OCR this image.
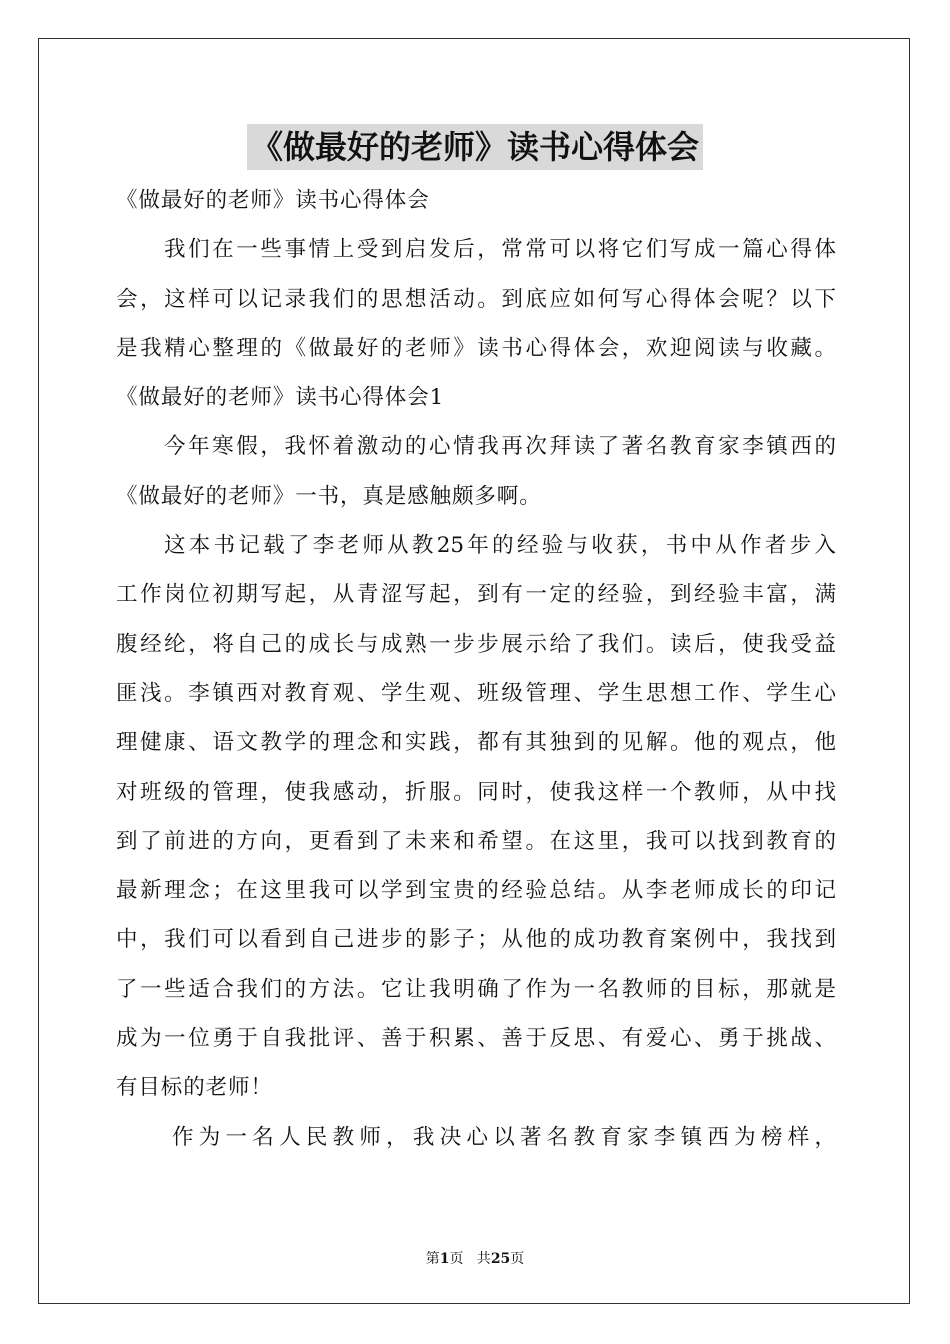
《做最好的老师》读书心得体会
《做最好的老师》读书心得体会
我们在一些事情上受到启发后，常常可以将它们写成一篇心得体
会，这样可以记录我们的思想活动。到底应如何写心得体会呢？以下
是我精心整理的《做最好的老师》读书心得体会，欢迎阅读与收藏。
《做最好的老师》读书心得体会1
今年寒假，我怀着激动的心情我再次拜读了著名教育家李镇西的
《做最好的老师》一书，真是感触颇多啊。
这本书记载了李老师从教25年的经验与收获，书中从作者步入
工作岗位初期写起，从青涩写起，到有一定的经验，到经验丰富，满
腹经纶，将自己的成长与成熟一步步展示给了我们。读后，使我受益
匪浅。李镇西对教育观、学生观、班级管理、学生思想工作、学生心
理健康、语文教学的理念和实践，都有其独到的见解。他的观点，他
对班级的管理，使我感动，折服。同时，使我这样一个教师，从中找
到了前进的方向，更看到了未来和希望。在这里，我可以找到教育的
最新理念；在这里我可以学到宝贵的经验总结。从李老师成长的印记
中，我们可以看到自己进步的影子；从他的成功教育案例中，我找到
了一些适合我们的方法。它让我明确了作为一名教师的目标，那就是
成为一位勇于自我批评、善于积累、善于反思、有爱心、勇于挑战、
有目标的老师！
作为一名人民教师，我决心以著名教育家李镇西为榜样，
第1页   共25页
